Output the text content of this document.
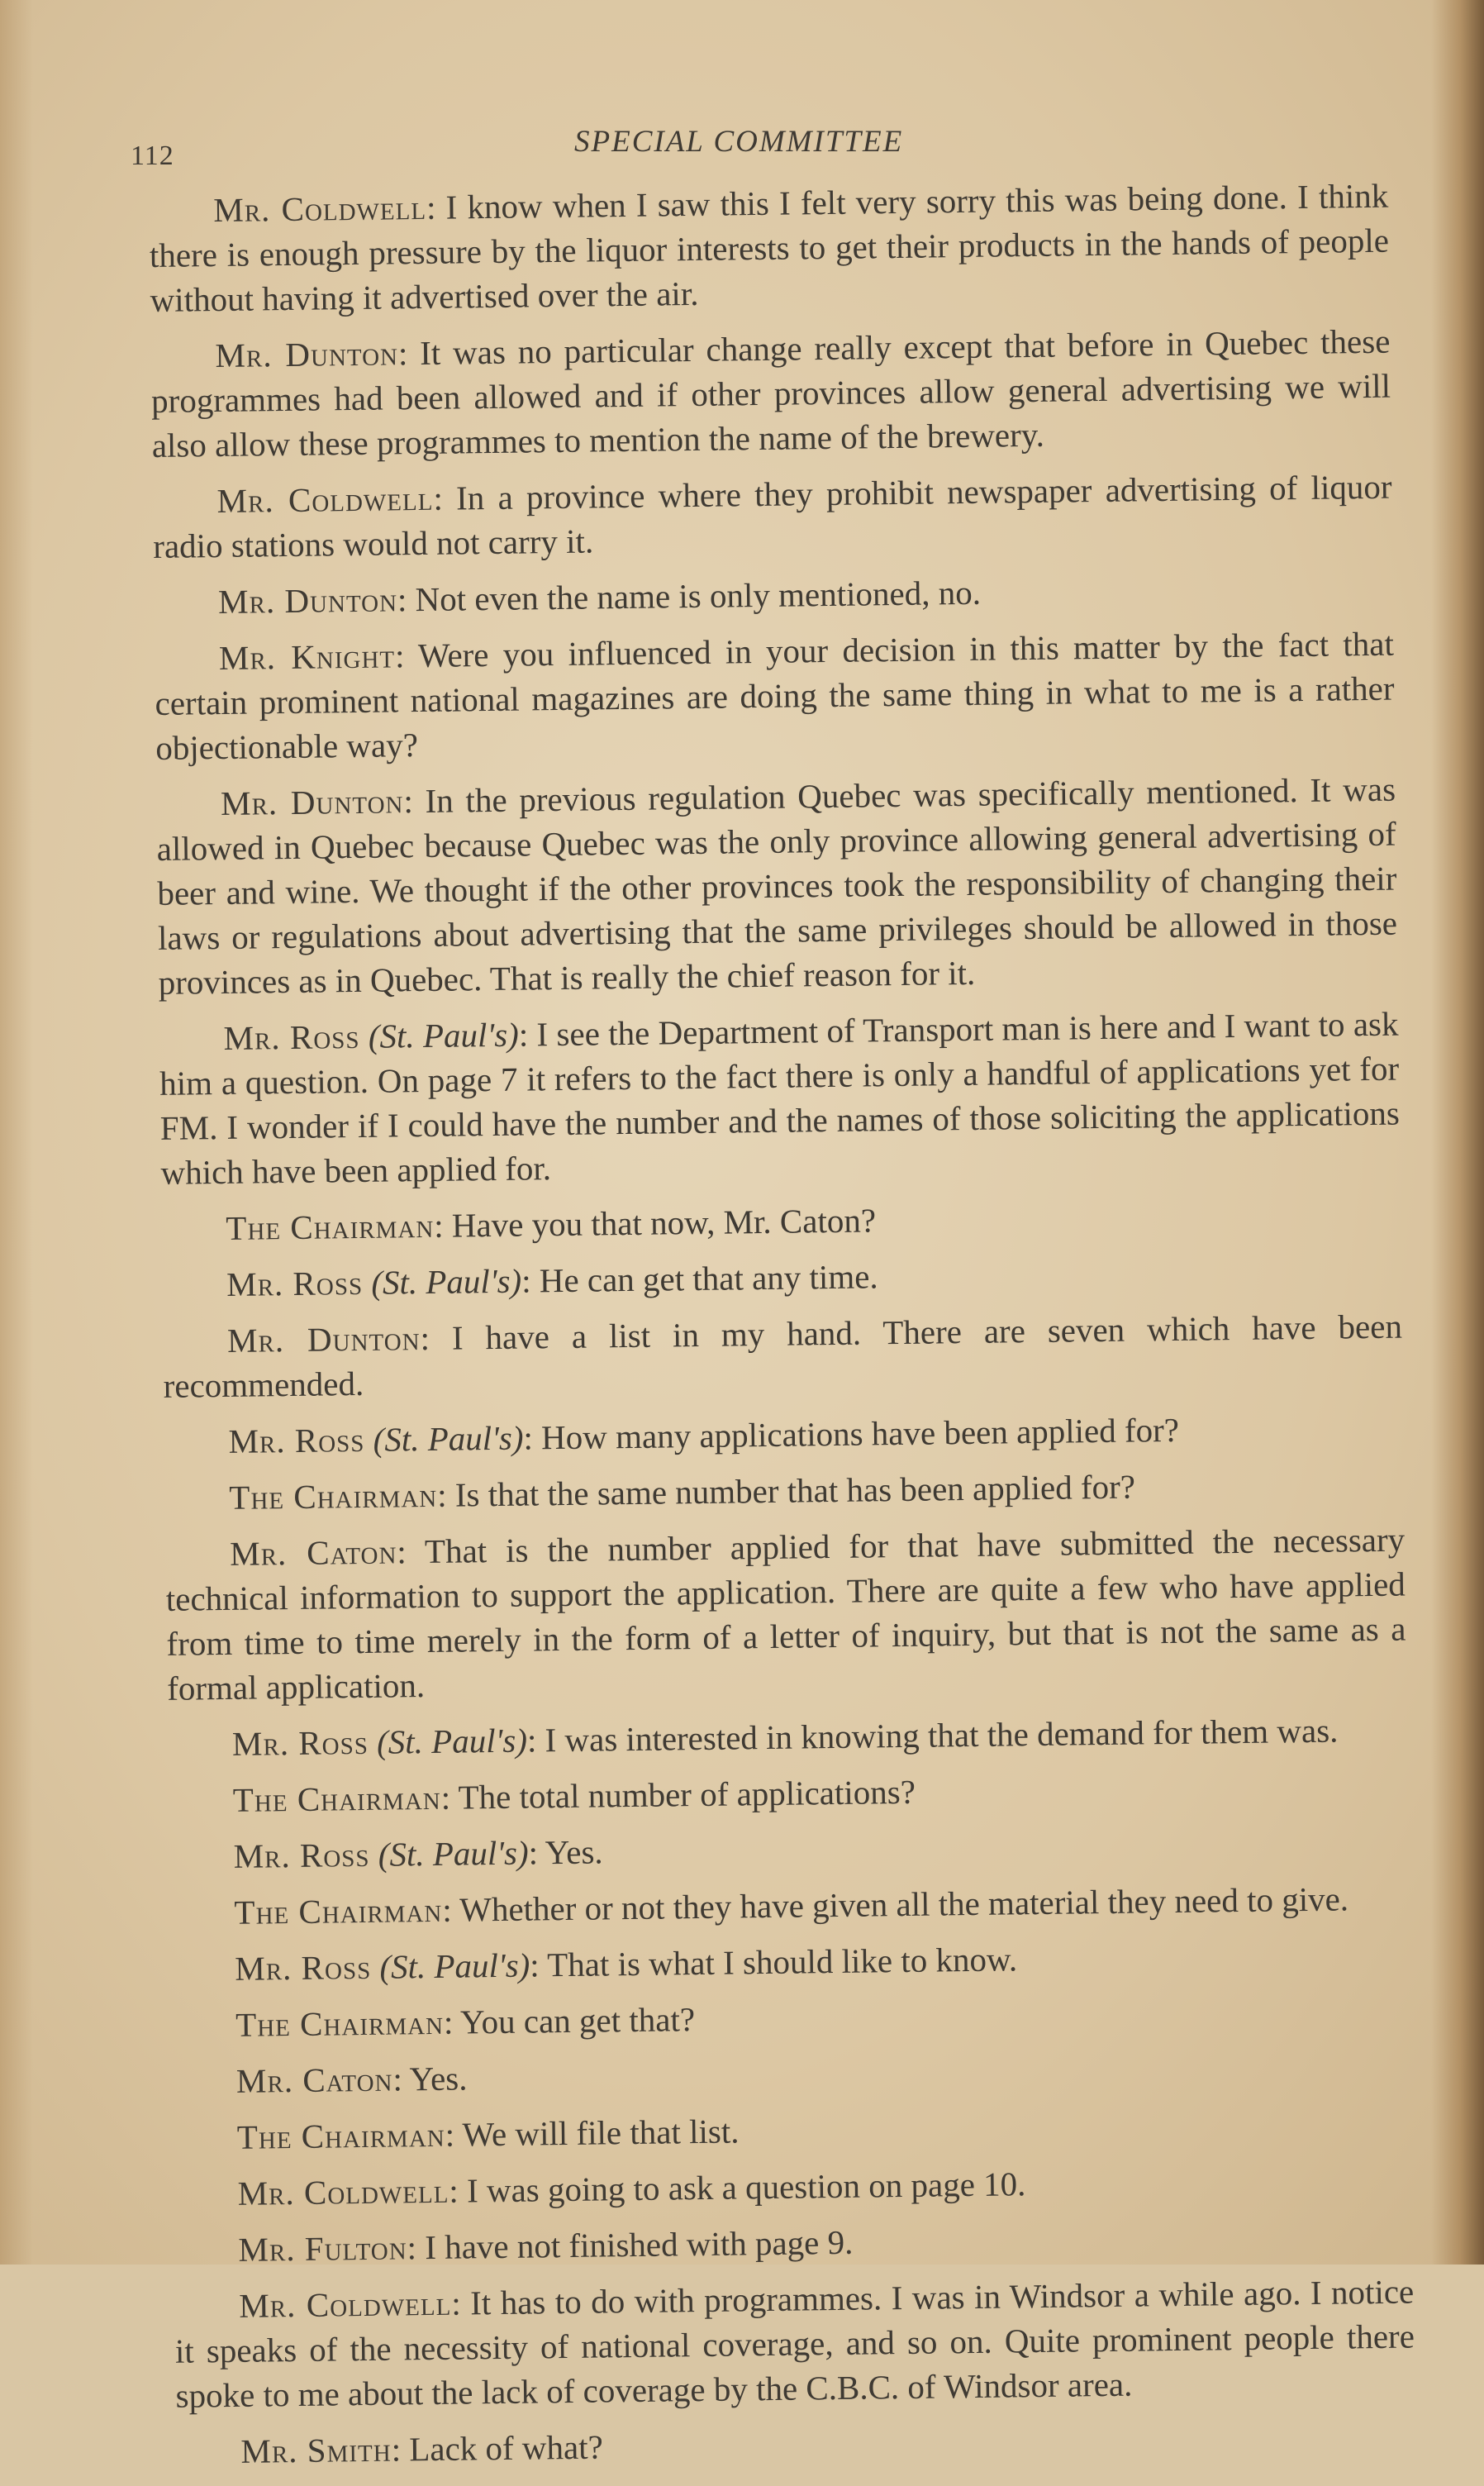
112	SPECIAL COMMITTEE

Mr. Coldwell: I know when I saw this I felt very sorry this was being done. I think there is enough pressure by the liquor interests to get their products in the hands of people without having it advertised over the air.

Mr. Dunton: It was no particular change really except that before in Quebec these programmes had been allowed and if other provinces allow general advertising we will also allow these programmes to mention the name of the brewery.

Mr. Coldwell: In a province where they prohibit newspaper advertising of liquor radio stations would not carry it.

Mr. Dunton: Not even the name is only mentioned, no.

Mr. Knight: Were you influenced in your decision in this matter by the fact that certain prominent national magazines are doing the same thing in what to me is a rather objectionable way?

Mr. Dunton: In the previous regulation Quebec was specifically mentioned. It was allowed in Quebec because Quebec was the only province allowing general advertising of beer and wine. We thought if the other provinces took the responsibility of changing their laws or regulations about advertising that the same privileges should be allowed in those provinces as in Quebec. That is really the chief reason for it.

Mr. Ross (St. Paul's): I see the Department of Transport man is here and I want to ask him a question. On page 7 it refers to the fact there is only a handful of applications yet for FM. I wonder if I could have the number and the names of those soliciting the applications which have been applied for.

The Chairman: Have you that now, Mr. Caton?

Mr. Ross (St. Paul's): He can get that any time.

Mr. Dunton: I have a list in my hand. There are seven which have been recommended.

Mr. Ross (St. Paul's): How many applications have been applied for?

The Chairman: Is that the same number that has been applied for?

Mr. Caton: That is the number applied for that have submitted the necessary technical information to support the application. There are quite a few who have applied from time to time merely in the form of a letter of inquiry, but that is not the same as a formal application.

Mr. Ross (St. Paul's): I was interested in knowing that the demand for them was.

The Chairman: The total number of applications?

Mr. Ross (St. Paul's): Yes.

The Chairman: Whether or not they have given all the material they need to give.

Mr. Ross (St. Paul's): That is what I should like to know.

The Chairman: You can get that?

Mr. Caton: Yes.

The Chairman: We will file that list.

Mr. Coldwell: I was going to ask a question on page 10.

Mr. Fulton: I have not finished with page 9.

Mr. Coldwell: It has to do with programmes. I was in Windsor a while ago. I notice it speaks of the necessity of national coverage, and so on. Quite prominent people there spoke to me about the lack of coverage by the C.B.C. of Windsor area.

Mr. Smith: Lack of what?
